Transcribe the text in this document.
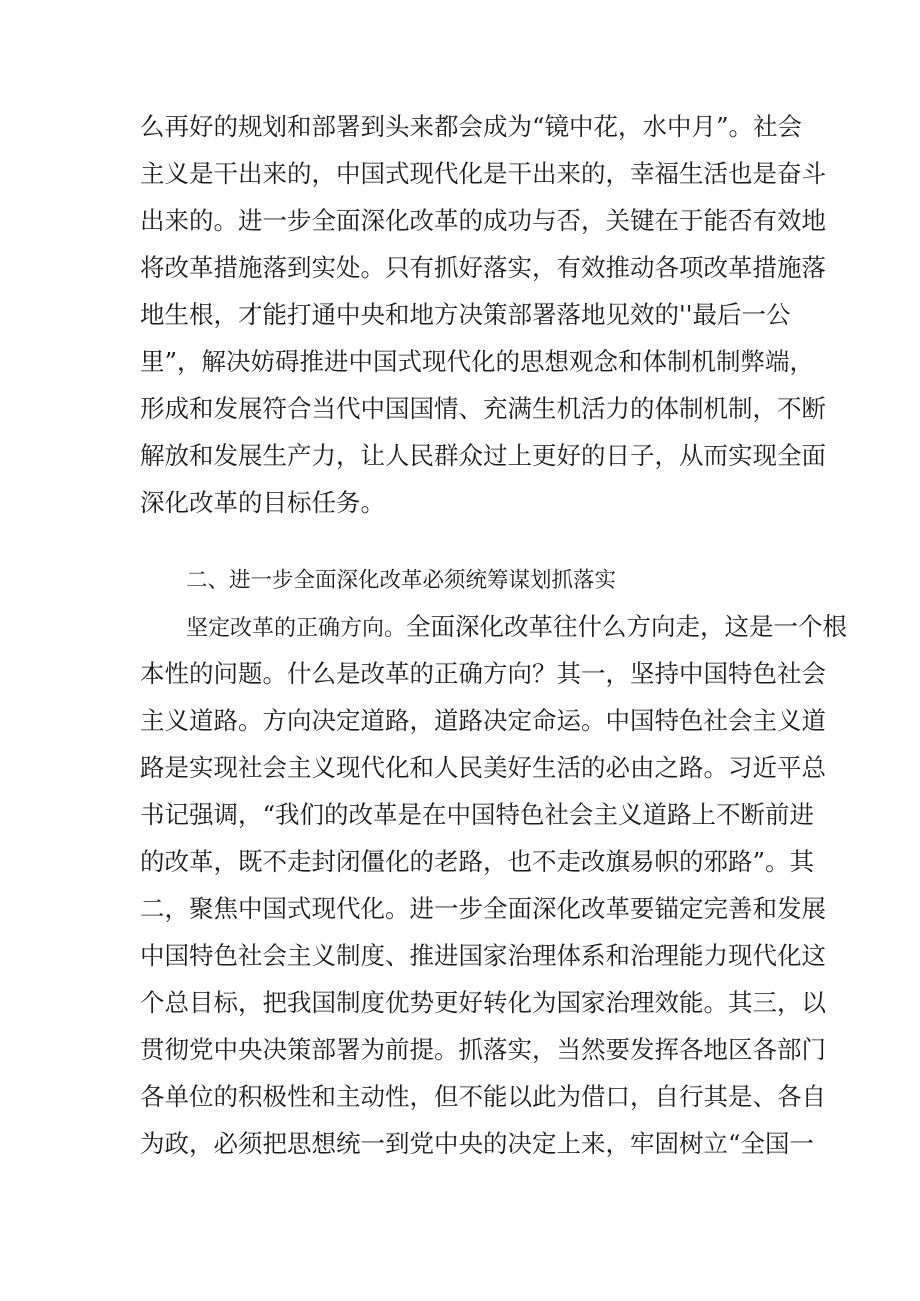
么再好的规划和部署到头来都会成为“镜中花，水中月”。社会
主义是干出来的，中国式现代化是干出来的，幸福生活也是奋斗
出来的。进一步全面深化改革的成功与否，关键在于能否有效地
将改革措施落到实处。只有抓好落实，有效推动各项改革措施落
地生根，才能打通中央和地方决策部署落地见效的''最后一公
里”，解决妨碍推进中国式现代化的思想观念和体制机制弊端，
形成和发展符合当代中国国情、充满生机活力的体制机制，不断
解放和发展生产力，让人民群众过上更好的日子，从而实现全面
深化改革的目标任务。
二、进一步全面深化改革必须统筹谋划抓落实
坚定改革的正确方向。全面深化改革往什么方向走，这是一个根
本性的问题。什么是改革的正确方向？其一，坚持中国特色社会
主义道路。方向决定道路，道路决定命运。中国特色社会主义道
路是实现社会主义现代化和人民美好生活的必由之路。习近平总
书记强调，“我们的改革是在中国特色社会主义道路上不断前进
的改革，既不走封闭僵化的老路，也不走改旗易帜的邪路”。其
二，聚焦中国式现代化。进一步全面深化改革要锚定完善和发展
中国特色社会主义制度、推进国家治理体系和治理能力现代化这
个总目标，把我国制度优势更好转化为国家治理效能。其三，以
贯彻党中央决策部署为前提。抓落实，当然要发挥各地区各部门
各单位的积极性和主动性，但不能以此为借口，自行其是、各自
为政，必须把思想统一到党中央的决定上来，牢固树立“全国一
